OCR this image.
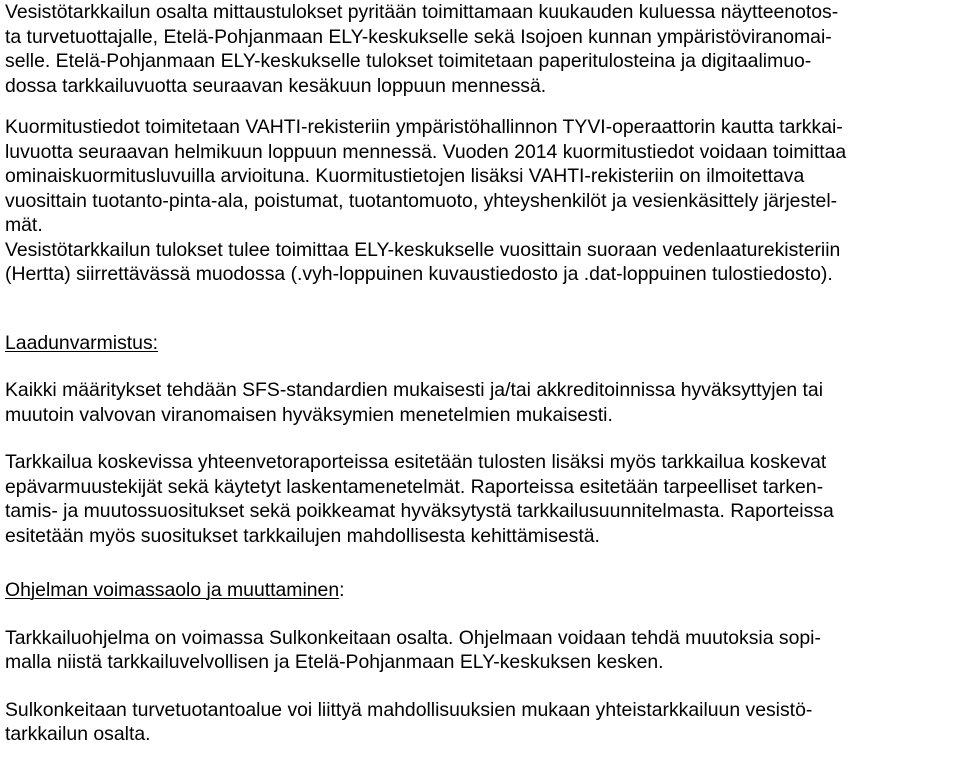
Vesistötarkkailun osalta mittaustulokset pyritään toimittamaan kuukauden kuluessa näytteenotos-
ta turvetuottajalle, Etelä-Pohjanmaan ELY-keskukselle sekä Isojoen kunnan ympäristöviranomai-
selle. Etelä-Pohjanmaan ELY-keskukselle tulokset toimitetaan paperitulosteina ja digitaalimuo-
dossa tarkkailuvuotta seuraavan kesäkuun loppuun mennessä.
Kuormitustiedot toimitetaan VAHTI-rekisteriin ympäristöhallinnon TYVI-operaattorin kautta tarkkai-
luvuotta seuraavan helmikuun loppuun mennessä. Vuoden 2014 kuormitustiedot voidaan toimittaa
ominaiskuormitusluvuilla arvioituna. Kuormitustietojen lisäksi VAHTI-rekisteriin on ilmoitettava
vuosittain tuotanto-pinta-ala, poistumat, tuotantomuoto, yhteyshenkilöt ja vesienkäsittely järjestel-
mät.
Vesistötarkkailun tulokset tulee toimittaa ELY-keskukselle vuosittain suoraan vedenlaaturekisteriin
(Hertta) siirrettävässä muodossa (.vyh-loppuinen kuvaustiedosto ja .dat-loppuinen tulostiedosto).
Laadunvarmistus:
Kaikki määritykset tehdään SFS-standardien mukaisesti ja/tai akkreditoinnissa hyväksyttyjen tai
muutoin valvovan viranomaisen hyväksymien menetelmien mukaisesti.
Tarkkailua koskevissa yhteenvetoraporteissa esitetään tulosten lisäksi myös tarkkailua koskevat
epävarmuustekijät sekä käytetyt laskentamenetelmät. Raporteissa esitetään tarpeelliset tarken-
tamis- ja muutossuositukset sekä poikkeamat hyväksytystä tarkkailusuunnitelmasta. Raporteissa
esitetään myös suositukset tarkkailujen mahdollisesta kehittämisestä.
Ohjelman voimassaolo ja muuttaminen:
Tarkkailuohjelma on voimassa Sulkonkeitaan osalta. Ohjelmaan voidaan tehdä muutoksia sopi-
malla niistä tarkkailuvelvollisen ja Etelä-Pohjanmaan ELY-keskuksen kesken.
Sulkonkeitaan turvetuotantoalue voi liittyä mahdollisuuksien mukaan yhteistarkkailuun vesistö-
tarkkailun osalta.
